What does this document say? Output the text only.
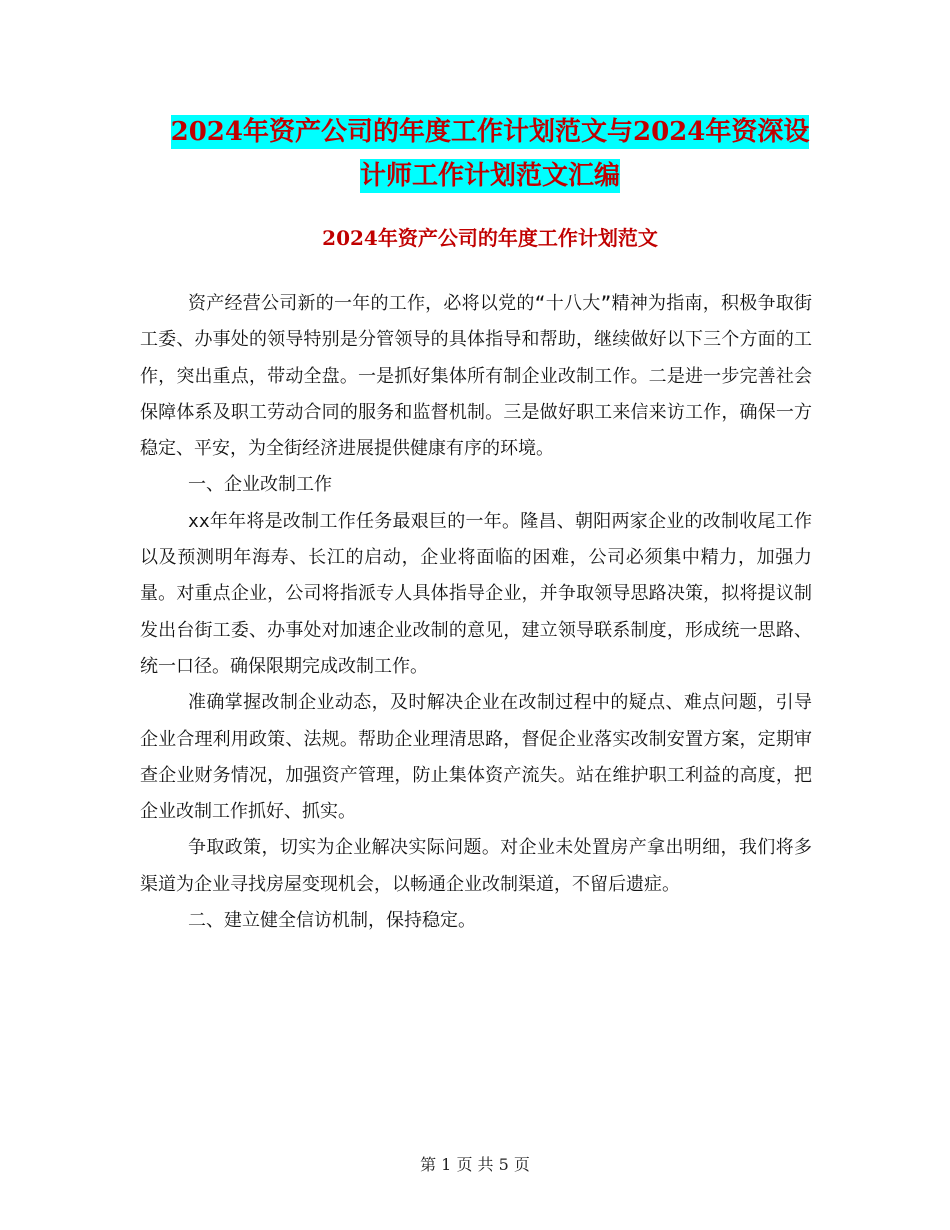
2024年资产公司的年度工作计划范文与2024年资深设
计师工作计划范文汇编
2024年资产公司的年度工作计划范文

资产经营公司新的一年的工作，必将以党的“十八大”精神为指南，积极争取街工委、办事处的领导特别是分管领导的具体指导和帮助，继续做好以下三个方面的工作，突出重点，带动全盘。一是抓好集体所有制企业改制工作。二是进一步完善社会保障体系及职工劳动合同的服务和监督机制。三是做好职工来信来访工作，确保一方稳定、平安，为全街经济进展提供健康有序的环境。

一、企业改制工作

xx年年将是改制工作任务最艰巨的一年。隆昌、朝阳两家企业的改制收尾工作以及预测明年海寿、长江的启动，企业将面临的困难，公司必须集中精力，加强力量。对重点企业，公司将指派专人具体指导企业，并争取领导思路决策，拟将提议制发出台街工委、办事处对加速企业改制的意见，建立领导联系制度，形成统一思路、统一口径。确保限期完成改制工作。

准确掌握改制企业动态，及时解决企业在改制过程中的疑点、难点问题，引导企业合理利用政策、法规。帮助企业理清思路，督促企业落实改制安置方案，定期审查企业财务情况，加强资产管理，防止集体资产流失。站在维护职工利益的高度，把企业改制工作抓好、抓实。

争取政策，切实为企业解决实际问题。对企业未处置房产拿出明细，我们将多渠道为企业寻找房屋变现机会，以畅通企业改制渠道，不留后遗症。

二、建立健全信访机制，保持稳定。

第 1 页 共 5 页
